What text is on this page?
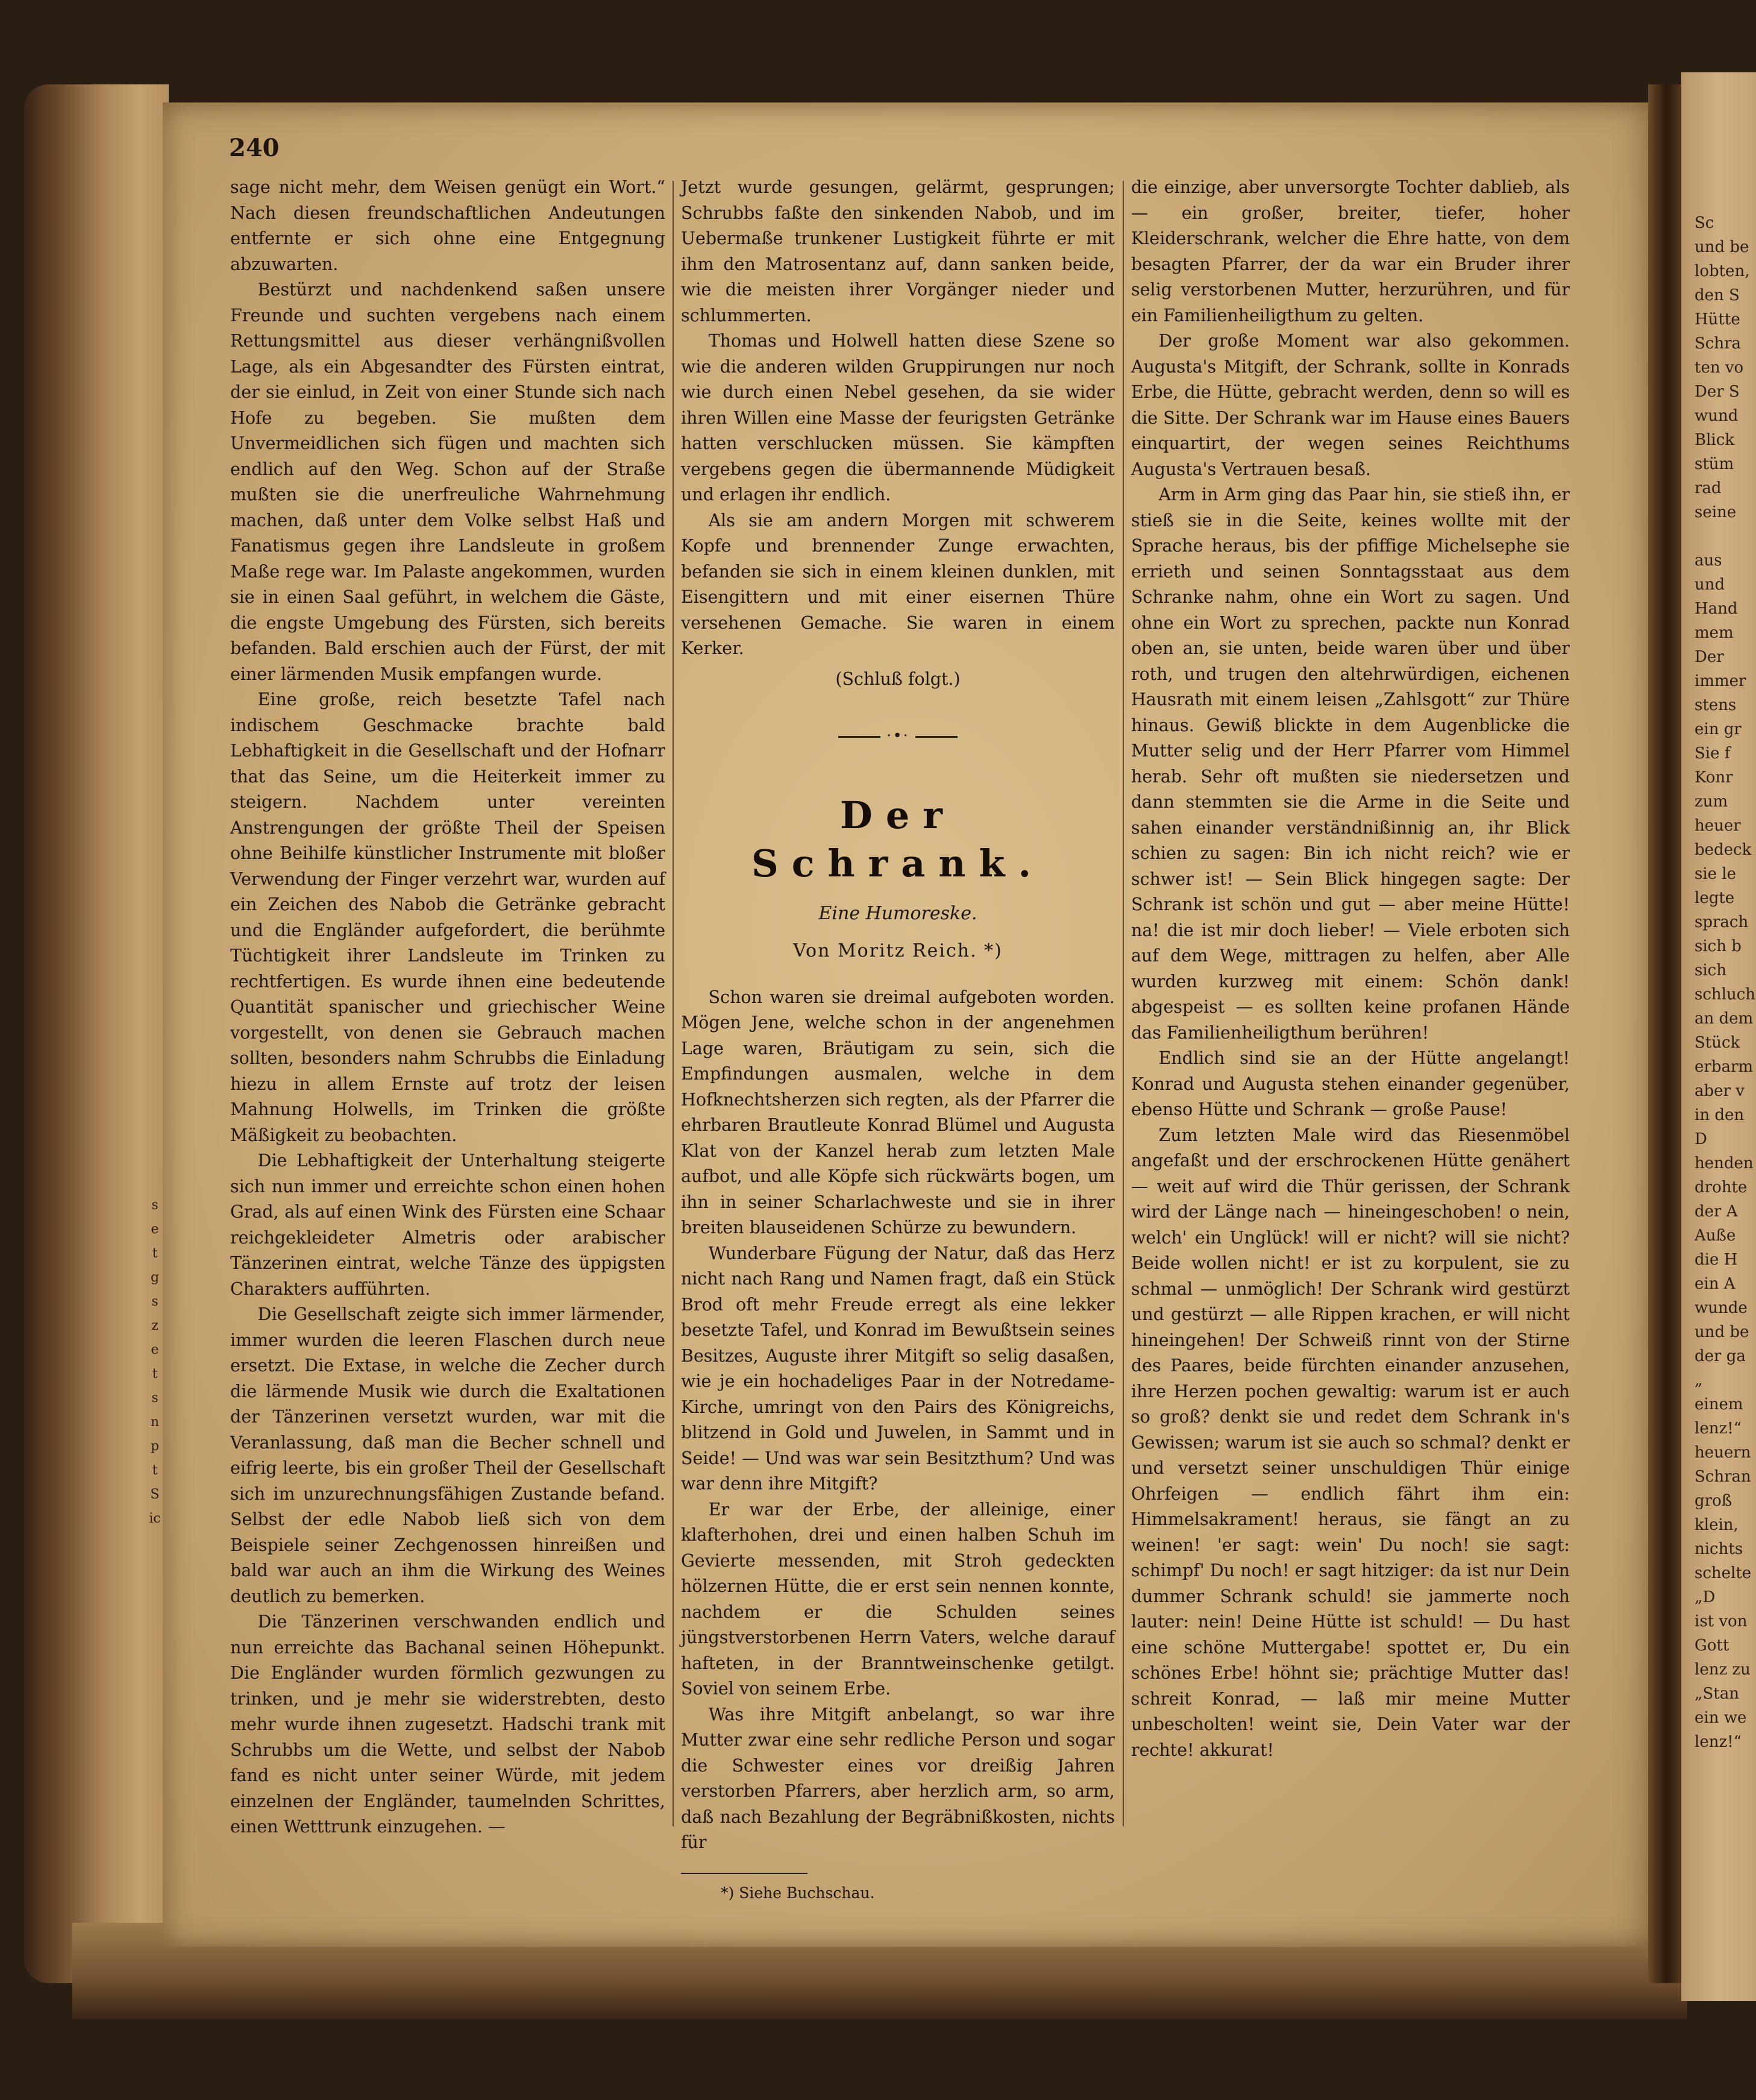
s
e
t
g
s
z
e
t
s
n
p
t
S
ic
Sc
und be
lobten,
den S
Hütte
Schra
ten vo
Der S
wund
Blick
stüm
rad
seine

aus
und
Hand
mem
Der
immer
stens
ein gr
Sie f
Konr
zum
heuer
bedeck
sie le
legte
sprach
sich b
sich
schluch
an dem
Stück
erbarm
aber v
in den
D
henden
drohte
der A
Auße
die H
ein A
wunde
und be
der ga
„
einem
lenz!“
heuern
Schran
groß
klein,
nichts
schelte
„D
ist von
Gott
lenz zu
„Stan
ein we
lenz!“
240

sage nicht mehr, dem Weisen genügt ein Wort.“ Nach diesen freundschaftlichen Andeutungen entfernte er sich ohne eine Entgegnung abzuwarten.

Bestürzt und nachdenkend saßen unsere Freunde und suchten vergebens nach einem Rettungsmittel aus dieser verhängnißvollen Lage, als ein Abgesandter des Fürsten eintrat, der sie einlud, in Zeit von einer Stunde sich nach Hofe zu begeben. Sie mußten dem Unvermeidlichen sich fügen und machten sich endlich auf den Weg. Schon auf der Straße mußten sie die unerfreuliche Wahrnehmung machen, daß unter dem Volke selbst Haß und Fanatismus gegen ihre Landsleute in großem Maße rege war. Im Palaste angekommen, wurden sie in einen Saal geführt, in welchem die Gäste, die engste Umgebung des Fürsten, sich bereits befanden. Bald erschien auch der Fürst, der mit einer lärmenden Musik empfangen wurde.

Eine große, reich besetzte Tafel nach indischem Geschmacke brachte bald Lebhaftigkeit in die Gesellschaft und der Hofnarr that das Seine, um die Heiterkeit immer zu steigern. Nachdem unter vereinten Anstrengungen der größte Theil der Speisen ohne Beihilfe künstlicher Instrumente mit bloßer Verwendung der Finger verzehrt war, wurden auf ein Zeichen des Nabob die Getränke gebracht und die Engländer aufgefordert, die berühmte Tüchtigkeit ihrer Landsleute im Trinken zu rechtfertigen. Es wurde ihnen eine bedeutende Quantität spanischer und griechischer Weine vorgestellt, von denen sie Gebrauch machen sollten, besonders nahm Schrubbs die Einladung hiezu in allem Ernste auf trotz der leisen Mahnung Holwells, im Trinken die größte Mäßigkeit zu beobachten.

Die Lebhaftigkeit der Unterhaltung steigerte sich nun immer und erreichte schon einen hohen Grad, als auf einen Wink des Fürsten eine Schaar reichgekleideter Almetris oder arabischer Tänzerinen eintrat, welche Tänze des üppigsten Charakters aufführten.

Die Gesellschaft zeigte sich immer lärmender, immer wurden die leeren Flaschen durch neue ersetzt. Die Extase, in welche die Zecher durch die lärmende Musik wie durch die Exaltationen der Tänzerinen versetzt wurden, war mit die Veranlassung, daß man die Becher schnell und eifrig leerte, bis ein großer Theil der Gesellschaft sich im unzurechnungsfähigen Zustande befand. Selbst der edle Nabob ließ sich von dem Beispiele seiner Zechgenossen hinreißen und bald war auch an ihm die Wirkung des Weines deutlich zu bemerken.

Die Tänzerinen verschwanden endlich und nun erreichte das Bachanal seinen Höhepunkt. Die Engländer wurden förmlich gezwungen zu trinken, und je mehr sie widerstrebten, desto mehr wurde ihnen zugesetzt. Hadschi trank mit Schrubbs um die Wette, und selbst der Nabob fand es nicht unter seiner Würde, mit jedem einzelnen der Engländer, taumelnden Schrittes, einen Wetttrunk einzugehen. —

Jetzt wurde gesungen, gelärmt, gesprungen; Schrubbs faßte den sinkenden Nabob, und im Uebermaße trunkener Lustigkeit führte er mit ihm den Matrosentanz auf, dann sanken beide, wie die meisten ihrer Vorgänger nieder und schlummerten.

Thomas und Holwell hatten diese Szene so wie die anderen wilden Gruppirungen nur noch wie durch einen Nebel gesehen, da sie wider ihren Willen eine Masse der feurigsten Getränke hatten verschlucken müssen. Sie kämpften vergebens gegen die übermannende Müdigkeit und erlagen ihr endlich.

Als sie am andern Morgen mit schwerem Kopfe und brennender Zunge erwachten, befanden sie sich in einem kleinen dunklen, mit Eisengittern und mit einer eisernen Thüre versehenen Gemache. Sie waren in einem Kerker.

(Schluß folgt.)

·•·
Der Schrank.
Eine Humoreske.
Von Moritz Reich. *)

Schon waren sie dreimal aufgeboten worden. Mögen Jene, welche schon in der angenehmen Lage waren, Bräutigam zu sein, sich die Empfindungen ausmalen, welche in dem Hofknechtsherzen sich regten, als der Pfarrer die ehrbaren Brautleute Konrad Blümel und Augusta Klat von der Kanzel herab zum letzten Male aufbot, und alle Köpfe sich rückwärts bogen, um ihn in seiner Scharlachweste und sie in ihrer breiten blauseidenen Schürze zu bewundern.

Wunderbare Fügung der Natur, daß das Herz nicht nach Rang und Namen fragt, daß ein Stück Brod oft mehr Freude erregt als eine lekker besetzte Tafel, und Konrad im Bewußtsein seines Besitzes, Auguste ihrer Mitgift so selig dasaßen, wie je ein hochadeliges Paar in der Notredame-Kirche, umringt von den Pairs des Königreichs, blitzend in Gold und Juwelen, in Sammt und in Seide! — Und was war sein Besitzthum? Und was war denn ihre Mitgift?

Er war der Erbe, der alleinige, einer klafterhohen, drei und einen halben Schuh im Gevierte messenden, mit Stroh gedeckten hölzernen Hütte, die er erst sein nennen konnte, nachdem er die Schulden seines jüngstverstorbenen Herrn Vaters, welche darauf hafteten, in der Branntweinschenke getilgt. Soviel von seinem Erbe.

Was ihre Mitgift anbelangt, so war ihre Mutter zwar eine sehr redliche Person und sogar die Schwester eines vor dreißig Jahren verstorben Pfarrers, aber herzlich arm, so arm, daß nach Bezahlung der Begräbnißkosten, nichts für

*) Siehe Buchschau.

die einzige, aber unversorgte Tochter dablieb, als — ein großer, breiter, tiefer, hoher Kleiderschrank, welcher die Ehre hatte, von dem besagten Pfarrer, der da war ein Bruder ihrer selig verstorbenen Mutter, herzurühren, und für ein Familienheiligthum zu gelten.

Der große Moment war also gekommen. Augusta's Mitgift, der Schrank, sollte in Konrads Erbe, die Hütte, gebracht werden, denn so will es die Sitte. Der Schrank war im Hause eines Bauers einquartirt, der wegen seines Reichthums Augusta's Vertrauen besaß.

Arm in Arm ging das Paar hin, sie stieß ihn, er stieß sie in die Seite, keines wollte mit der Sprache heraus, bis der pfiffige Michelsephe sie errieth und seinen Sonntagsstaat aus dem Schranke nahm, ohne ein Wort zu sagen. Und ohne ein Wort zu sprechen, packte nun Konrad oben an, sie unten, beide waren über und über roth, und trugen den altehrwürdigen, eichenen Hausrath mit einem leisen „Zahlsgott“ zur Thüre hinaus. Gewiß blickte in dem Augenblicke die Mutter selig und der Herr Pfarrer vom Himmel herab. Sehr oft mußten sie niedersetzen und dann stemmten sie die Arme in die Seite und sahen einander verständnißinnig an, ihr Blick schien zu sagen: Bin ich nicht reich? wie er schwer ist! — Sein Blick hingegen sagte: Der Schrank ist schön und gut — aber meine Hütte! na! die ist mir doch lieber! — Viele erboten sich auf dem Wege, mittragen zu helfen, aber Alle wurden kurzweg mit einem: Schön dank! abgespeist — es sollten keine profanen Hände das Familienheiligthum berühren!

Endlich sind sie an der Hütte angelangt! Konrad und Augusta stehen einander gegenüber, ebenso Hütte und Schrank — große Pause!

Zum letzten Male wird das Riesenmöbel angefaßt und der erschrockenen Hütte genähert — weit auf wird die Thür gerissen, der Schrank wird der Länge nach — hineingeschoben! o nein, welch' ein Unglück! will er nicht? will sie nicht? Beide wollen nicht! er ist zu korpulent, sie zu schmal — unmöglich! Der Schrank wird gestürzt und gestürzt — alle Rippen krachen, er will nicht hineingehen! Der Schweiß rinnt von der Stirne des Paares, beide fürchten einander anzusehen, ihre Herzen pochen gewaltig: warum ist er auch so groß? denkt sie und redet dem Schrank in's Gewissen; warum ist sie auch so schmal? denkt er und versetzt seiner unschuldigen Thür einige Ohrfeigen — endlich fährt ihm ein: Himmelsakrament! heraus, sie fängt an zu weinen! 'er sagt: wein' Du noch! sie sagt: schimpf' Du noch! er sagt hitziger: da ist nur Dein dummer Schrank schuld! sie jammerte noch lauter: nein! Deine Hütte ist schuld! — Du hast eine schöne Muttergabe! spottet er, Du ein schönes Erbe! höhnt sie; prächtige Mutter das! schreit Konrad, — laß mir meine Mutter unbescholten! weint sie, Dein Vater war der rechte! akkurat!
